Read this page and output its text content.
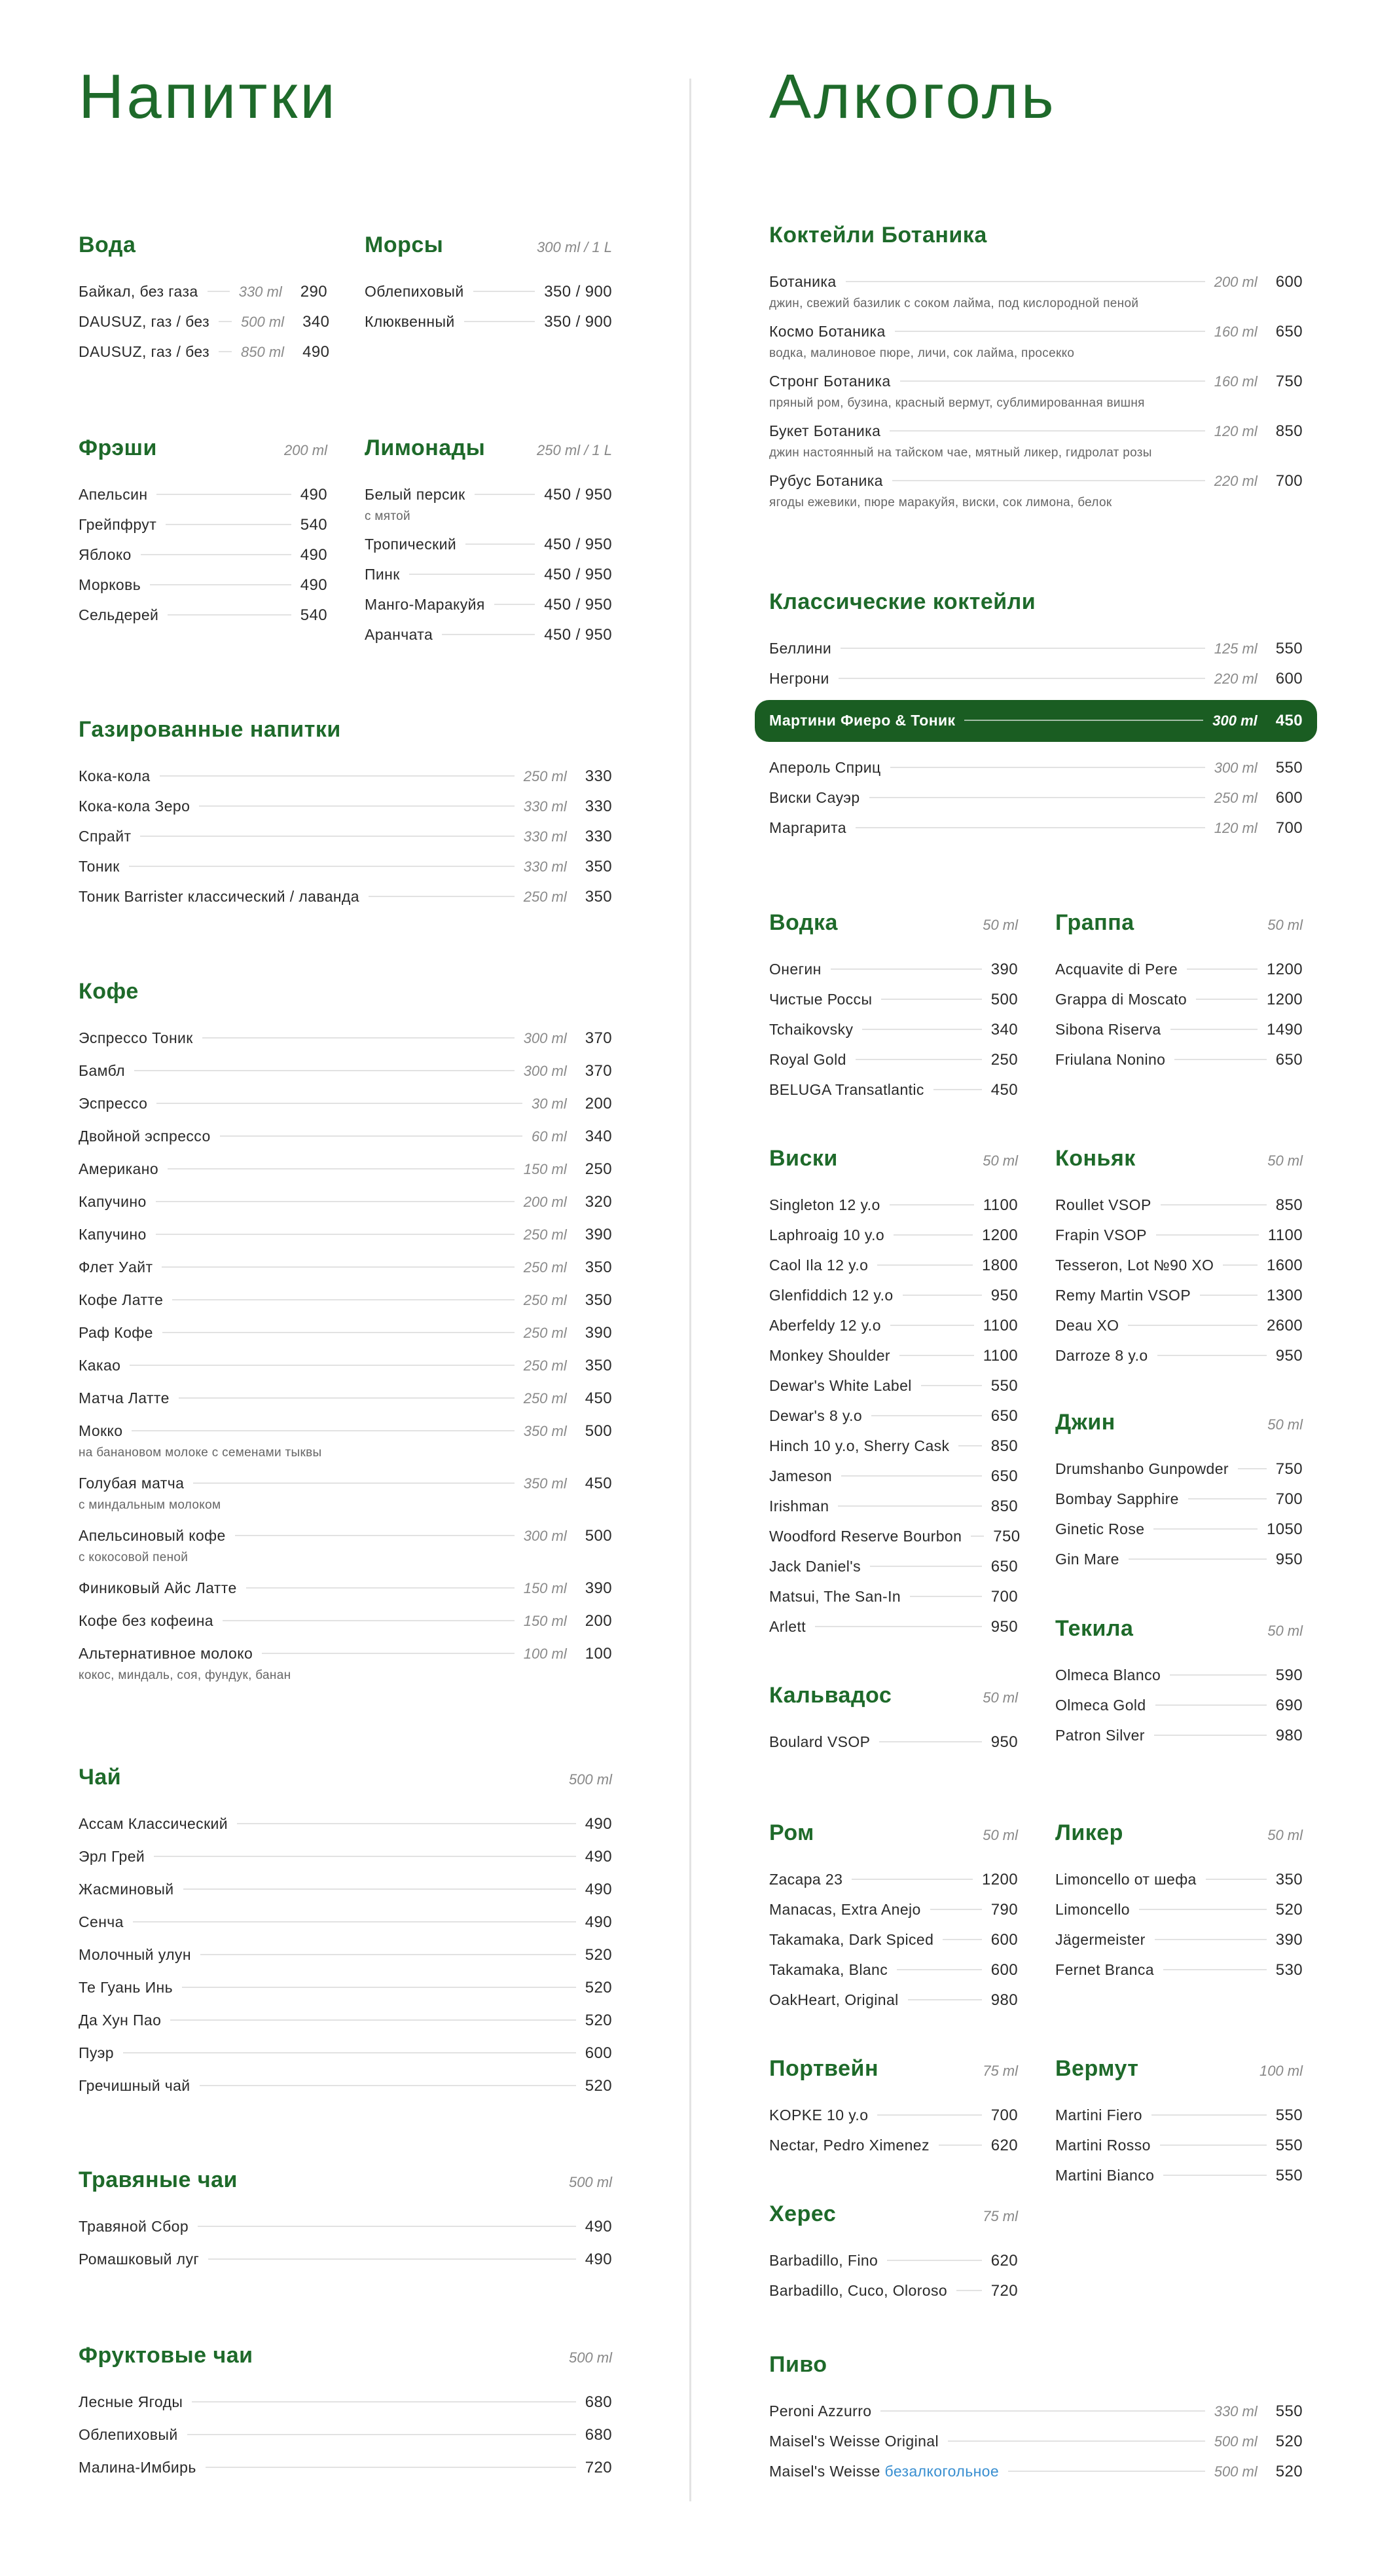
Напитки
Вода
Байкал, без газа	330 ml 290
DAUSUZ, газ / без 500 ml 340
DAUSUZ, газ / без 850 ml 490
Морсы	300 ml / 1 L
Облепиховый	350 / 900
Клюквенный	350 / 900
Фрэши	200 ml
Апельсин	490
Грейпфрут	540
Яблоко	490
Морковь	490
Сельдерей	540
Лимонады	250 ml / 1 L
Белый персик	450 / 950
с мятой
Тропический	450 / 950
Пинк	450 / 950
Манго-Маракуйя	450 / 950
Аранчата	450 / 950
Газированные напитки
Кока-кола	250 ml 330
Кока-кола Зеро	330 ml 330
Спрайт	330 ml 330
Тоник	330 ml 350
Тоник Barrister классический / лаванда	250 ml 350
Кофе
Эспрессо Тоник	300 ml 370
Бамбл	300 ml 370
Эспрессо	30 ml 200
Двойной эспрессо	60 ml 340
Американо	150 ml 250
Капучино	200 ml 320
Капучино	250 ml 390
Флет Уайт	250 ml 350
Кофе Латте	250 ml 350
Раф Кофе	250 ml 390
Какао	250 ml 350
Матча Латте	250 ml 450
Мокко	350 ml 500
на банановом молоке с семенами тыквы
Голубая матча	350 ml 450
с миндальным молоком
Апельсиновый кофе	300 ml 500
с кокосовой пеной
Финиковый Айс Латте	150 ml 390
Кофе без кофеина	150 ml 200
Альтернативное молоко	100 ml 100
кокос, миндаль, соя, фундук, банан
Чай	500 ml
Ассам Классический	490
Эрл Грей	490
Жасминовый	490
Сенча	490
Молочный улун	520
Те Гуань Инь	520
Да Хун Пао	520
Пуэр	600
Гречишный чай	520
Травяные чаи	500 ml
Травяной Сбор	490
Ромашковый луг	490
Фруктовые чаи	500 ml
Лесные Ягоды	680
Облепиховый	680
Малина-Имбирь	720
Алкоголь
Коктейли Ботаника
Ботаника	200 ml 600
джин, свежий базилик с соком лайма, под кислородной пеной
Космо Ботаника	160 ml 650
водка, малиновое пюре, личи, сок лайма, просекко
Стронг Ботаника	160 ml 750
пряный ром, бузина, красный вермут, сублимированная вишня
Букет Ботаника	120 ml 850
джин настоянный на тайском чае, мятный ликер, гидролат розы
Рубус Ботаника	220 ml 700
ягоды ежевики, пюре маракуйя, виски, сок лимона, белок
Классические коктейли
Беллини	125 ml 550
Негрони	220 ml 600
Мартини Фиеро & Тоник	300 ml 450
Апероль Сприц	300 ml 550
Виски Сауэр	250 ml 600
Маргарита	120 ml 700
Водка	50 ml
Онегин	390
Чистые Россы	500
Tchaikovsky	340
Royal Gold	250
BELUGA Transatlantic	450
Граппа	50 ml
Acquavite di Pere	1200
Grappa di Moscato	1200
Sibona Riserva	1490
Friulana Nonino	650
Виски	50 ml
Singleton 12 y.o	1100
Laphroaig 10 y.o	1200
Caol Ila 12 y.o	1800
Glenfiddich 12 y.o	950
Aberfeldy 12 y.o	1100
Monkey Shoulder	1100
Dewar's White Label	550
Dewar's 8 y.o	650
Hinch 10 y.o, Sherry Cask	850
Jameson	650
Irishman	850
Woodford Reserve Bourbon 750
Jack Daniel's	650
Matsui, The San-In	700
Arlett	950
Коньяк	50 ml
Roullet VSOP	850
Frapin VSOP	1100
Tesseron, Lot №90 XO	1600
Remy Martin VSOP	1300
Deau XO	2600
Darroze 8 y.o	950
Джин	50 ml
Drumshanbo Gunpowder	750
Bombay Sapphire	700
Ginetic Rose	1050
Gin Mare	950
Текила	50 ml
Olmeca Blanco	590
Olmeca Gold	690
Patron Silver	980
Кальвадос	50 ml
Boulard VSOP	950
Ром	50 ml
Zacapa 23	1200
Manacas, Extra Anejo	790
Takamaka, Dark Spiced	600
Takamaka, Blanc	600
OakHeart, Original	980
Ликер	50 ml
Limoncello от шефа	350
Limoncello	520
Jägermeister	390
Fernet Branca	530
Портвейн	75 ml
KOPKE 10 y.o	700
Nectar, Pedro Ximenez	620
Вермут	100 ml
Martini Fiero	550
Martini Rosso	550
Martini Bianco	550
Херес	75 ml
Barbadillo, Fino	620
Barbadillo, Cuco, Oloroso	720
Пиво
Peroni Azzurro	330 ml 550
Maisel's Weisse Original	500 ml 520
Maisel's Weisse безалкогольное	500 ml 520
